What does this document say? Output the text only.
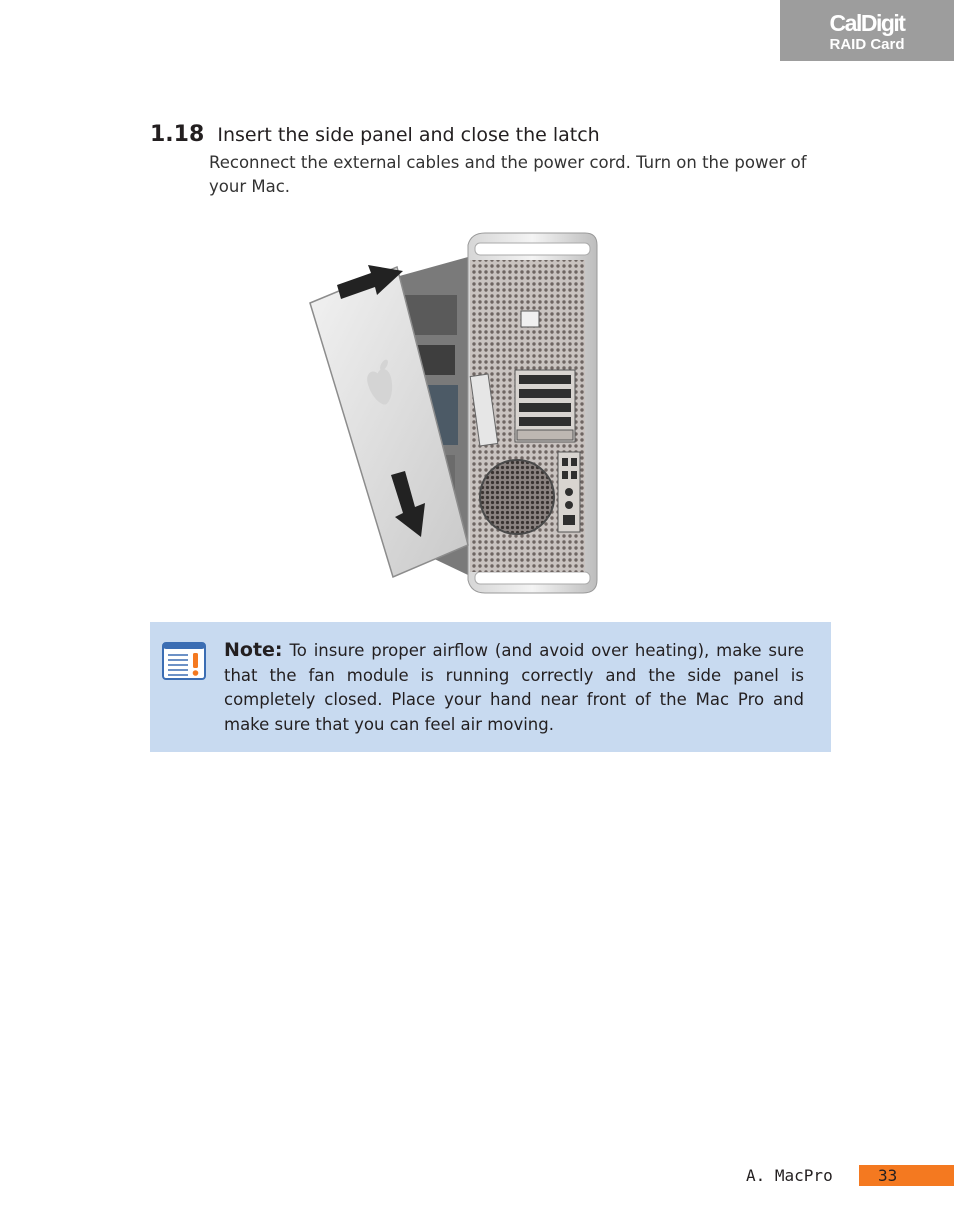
CalDigit
RAID Card
1.18 Insert the side panel and close the latch
Reconnect the external cables and the power cord. Turn on the power of your Mac.
Note: To insure proper airflow (and avoid over heating), make sure that the fan module is running correctly and the side panel is completely closed. Place your hand near front of the Mac Pro and make sure that you can feel air moving.
A. MacPro	33
